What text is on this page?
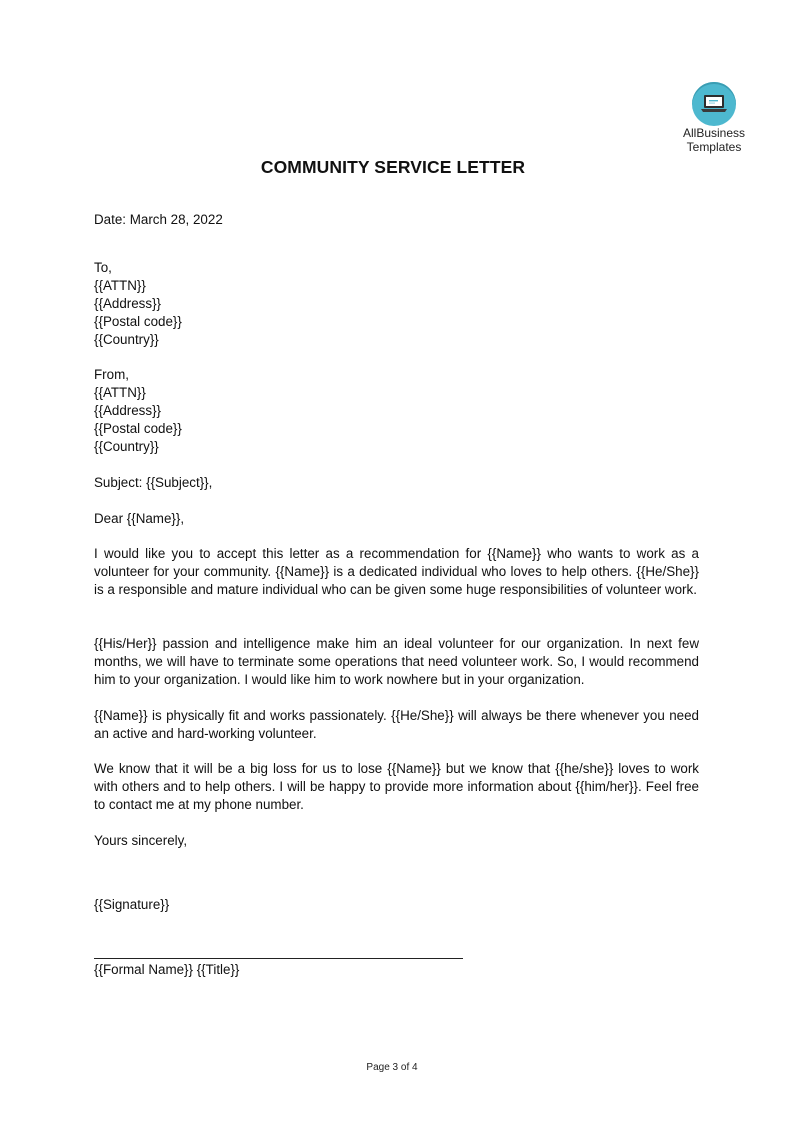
AllBusiness
Templates
COMMUNITY SERVICE LETTER
Date: March 28, 2022
To,
{{ATTN}}
{{Address}}
{{Postal code}}
{{Country}}
From,
{{ATTN}}
{{Address}}
{{Postal code}}
{{Country}}
Subject: {{Subject}},
Dear {{Name}},
I would like you to accept this letter as a recommendation for {{Name}} who wants to work as a volunteer for your community. {{Name}} is a dedicated individual who loves to help others. {{He/She}} is a responsible and mature individual who can be given some huge responsibilities of volunteer work.
{{His/Her}} passion and intelligence make him an ideal volunteer for our organization. In next few months, we will have to terminate some operations that need volunteer work. So, I would recommend him to your organization. I would like him to work nowhere but in your organization.
{{Name}} is physically fit and works passionately. {{He/She}} will always be there whenever you need an active and hard-working volunteer.
We know that it will be a big loss for us to lose {{Name}} but we know that {{he/she}} loves to work with others and to help others. I will be happy to provide more information about {{him/her}}. Feel free to contact me at my phone number.
Yours sincerely,
{{Signature}}
{{Formal Name}} {{Title}}
Page 3 of 4
